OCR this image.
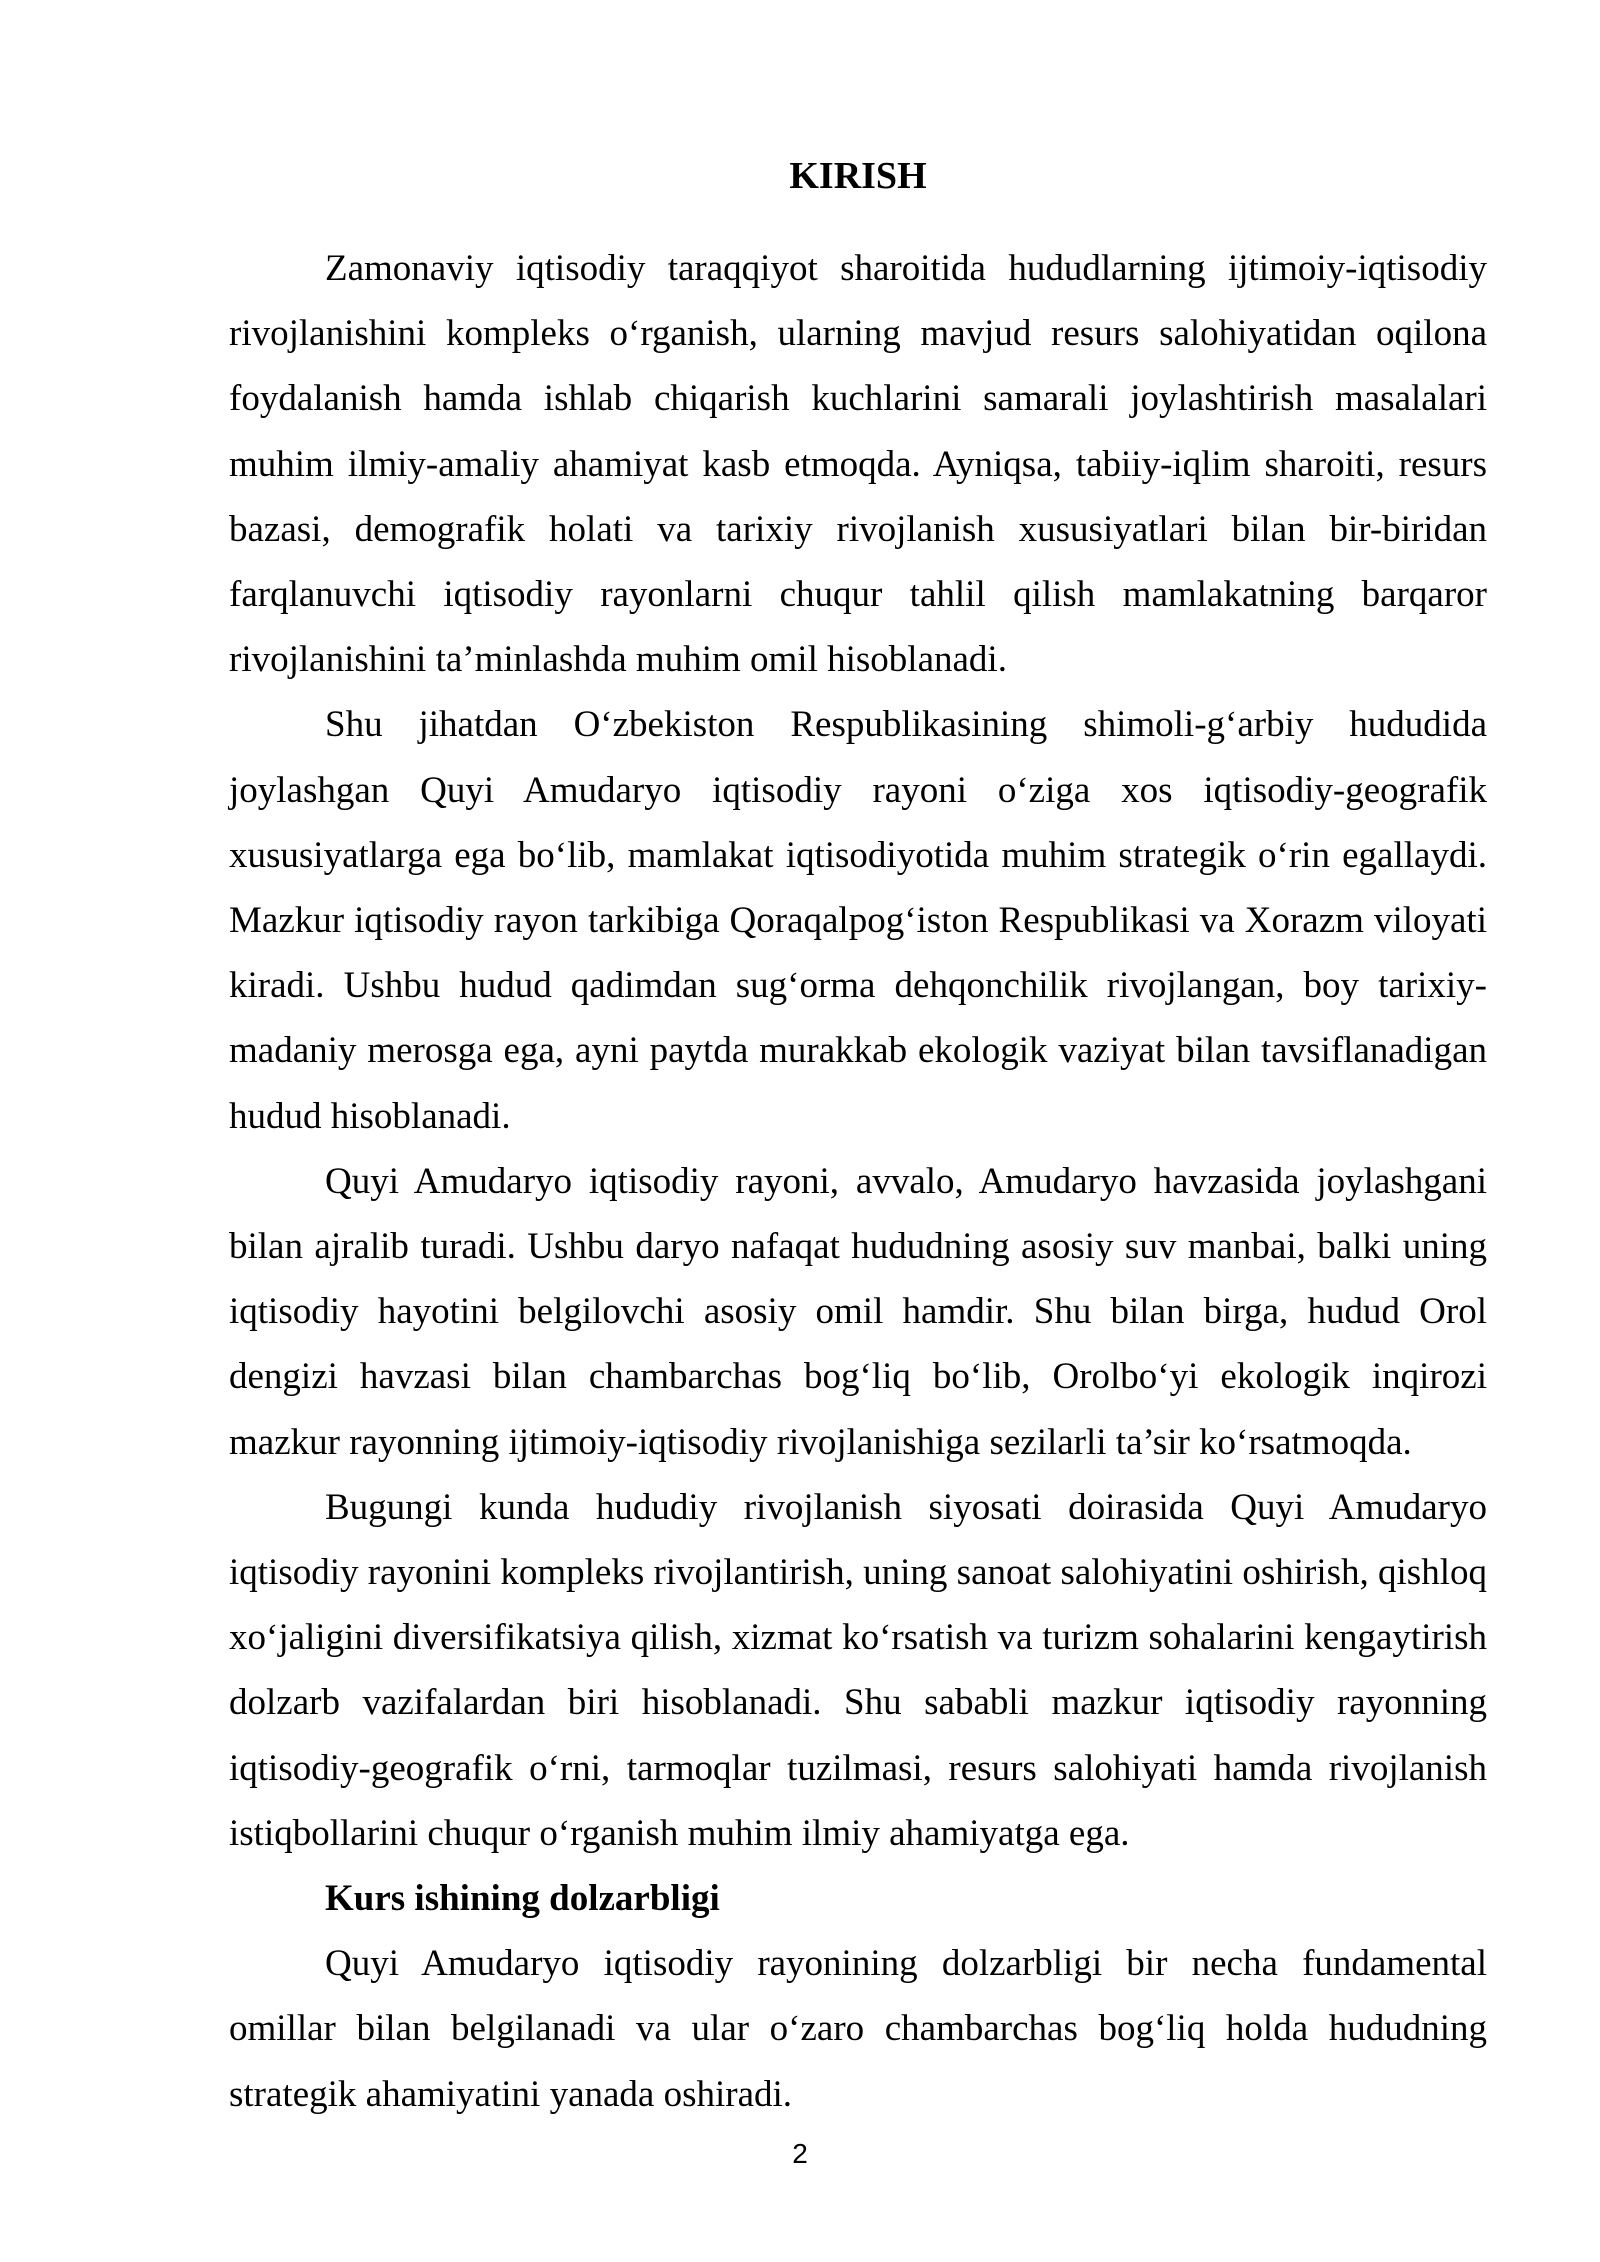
KIRISH

Zamonaviy iqtisodiy taraqqiyot sharoitida hududlarning ijtimoiy-iqtisodiy rivojlanishini kompleks o‘rganish, ularning mavjud resurs salohiyatidan oqilona foydalanish hamda ishlab chiqarish kuchlarini samarali joylashtirish masalalari muhim ilmiy-amaliy ahamiyat kasb etmoqda. Ayniqsa, tabiiy-iqlim sharoiti, resurs bazasi, demografik holati va tarixiy rivojlanish xususiyatlari bilan bir-biridan farqlanuvchi iqtisodiy rayonlarni chuqur tahlil qilish mamlakatning barqaror rivojlanishini ta’minlashda muhim omil hisoblanadi.

Shu jihatdan O‘zbekiston Respublikasining shimoli-g‘arbiy hududida joylashgan Quyi Amudaryo iqtisodiy rayoni o‘ziga xos iqtisodiy-geografik xususiyatlarga ega bo‘lib, mamlakat iqtisodiyotida muhim strategik o‘rin egallaydi. Mazkur iqtisodiy rayon tarkibiga Qoraqalpog‘iston Respublikasi va Xorazm viloyati kiradi. Ushbu hudud qadimdan sug‘orma dehqonchilik rivojlangan, boy tarixiy-madaniy merosga ega, ayni paytda murakkab ekologik vaziyat bilan tavsiflanadigan hudud hisoblanadi.

Quyi Amudaryo iqtisodiy rayoni, avvalo, Amudaryo havzasida joylashgani bilan ajralib turadi. Ushbu daryo nafaqat hududning asosiy suv manbai, balki uning iqtisodiy hayotini belgilovchi asosiy omil hamdir. Shu bilan birga, hudud Orol dengizi havzasi bilan chambarchas bog‘liq bo‘lib, Orolbo‘yi ekologik inqirozi mazkur rayonning ijtimoiy-iqtisodiy rivojlanishiga sezilarli ta’sir ko‘rsatmoqda.

Bugungi kunda hududiy rivojlanish siyosati doirasida Quyi Amudaryo iqtisodiy rayonini kompleks rivojlantirish, uning sanoat salohiyatini oshirish, qishloq xo‘jaligini diversifikatsiya qilish, xizmat ko‘rsatish va turizm sohalarini kengaytirish dolzarb vazifalardan biri hisoblanadi. Shu sababli mazkur iqtisodiy rayonning iqtisodiy-geografik o‘rni, tarmoqlar tuzilmasi, resurs salohiyati hamda rivojlanish istiqbollarini chuqur o‘rganish muhim ilmiy ahamiyatga ega.

Kurs ishining dolzarbligi

Quyi Amudaryo iqtisodiy rayonining dolzarbligi bir necha fundamental omillar bilan belgilanadi va ular o‘zaro chambarchas bog‘liq holda hududning strategik ahamiyatini yanada oshiradi.

2
